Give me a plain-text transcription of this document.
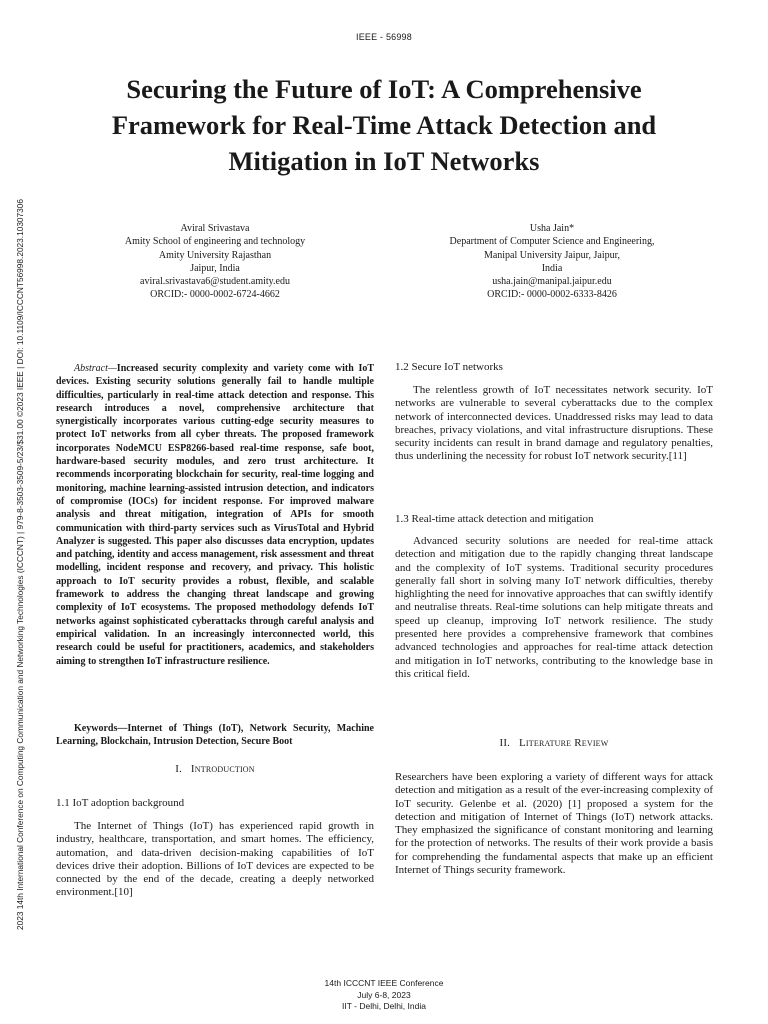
IEEE - 56998
2023 14th International Conference on Computing Communication and Networking Technologies (ICCCNT) | 979-8-3503-3509-5/23/$31.00 ©2023 IEEE | DOI: 10.1109/ICCCNT56998.2023.10307306
Securing the Future of IoT: A Comprehensive
Framework for Real-Time Attack Detection and
Mitigation in IoT Networks
Aviral Srivastava
Amity School of engineering and technology
Amity University Rajasthan
Jaipur, India
aviral.srivastava6@student.amity.edu
ORCID:- 0000-0002-6724-4662
Usha Jain*
Department of Computer Science and Engineering,
Manipal University Jaipur, Jaipur,
India
usha.jain@manipal.jaipur.edu
ORCID:- 0000-0002-6333-8426

Abstract—Increased security complexity and variety come with IoT devices. Existing security solutions generally fail to handle multiple difficulties, particularly in real-time attack detection and response. This research introduces a novel, comprehensive architecture that synergistically incorporates various cutting-edge security measures to protect IoT networks from all cyber threats. The proposed framework incorporates NodeMCU ESP8266-based real-time response, safe boot, hardware-based security modules, and zero trust architecture. It recommends incorporating blockchain for security, real-time logging and monitoring, machine learning-assisted intrusion detection, and indicators of compromise (IOCs) for incident response. For improved malware analysis and threat mitigation, integration of APIs for smooth communication with third-party services such as VirusTotal and Hybrid Analyzer is suggested. This paper also discusses data encryption, updates and patching, identity and access management, risk assessment and threat modelling, incident response and recovery, and privacy. This holistic approach to IoT security provides a robust, flexible, and scalable framework to address the changing threat landscape and growing complexity of IoT ecosystems. The proposed methodology defends IoT networks against sophisticated cyberattacks through careful analysis and empirical validation. In an increasingly interconnected world, this research could be useful for practitioners, academics, and stakeholders aiming to strengthen IoT infrastructure resilience.

Keywords—Internet of Things (IoT), Network Security, Machine Learning, Blockchain, Intrusion Detection, Secure Boot

I. Introduction
1.1 IoT adoption background

The Internet of Things (IoT) has experienced rapid growth in industry, healthcare, transportation, and smart homes. The efficiency, automation, and data-driven decision-making capabilities of IoT devices drive their adoption. Billions of IoT devices are expected to be connected by the end of the decade, creating a deeply networked environment.[10]

1.2 Secure IoT networks

The relentless growth of IoT necessitates network security. IoT networks are vulnerable to several cyberattacks due to the complex network of interconnected devices. Unaddressed risks may lead to data breaches, privacy violations, and vital infrastructure disruptions. These security incidents can result in brand damage and regulatory penalties, thus underlining the necessity for robust IoT network security.[11]

1.3 Real-time attack detection and mitigation

Advanced security solutions are needed for real-time attack detection and mitigation due to the rapidly changing threat landscape and the complexity of IoT systems. Traditional security procedures generally fall short in solving many IoT network difficulties, thereby highlighting the need for innovative approaches that can swiftly identify and neutralise threats. Real-time solutions can help mitigate threats and speed up cleanup, improving IoT network resilience. The study presented here provides a comprehensive framework that combines advanced technologies and approaches for real-time attack detection and mitigation in IoT networks, contributing to the knowledge base in this critical field.

II. Literature Review

Researchers have been exploring a variety of different ways for attack detection and mitigation as a result of the ever-increasing complexity of IoT security. Gelenbe et al. (2020) [1] proposed a system for the detection and mitigation of Internet of Things (IoT) network attacks. They emphasized the significance of constant monitoring and learning for the protection of networks. The results of their work provide a basis for comprehending the fundamental aspects that make up an efficient Internet of Things security framework.

14th ICCCNT IEEE Conference
July 6-8, 2023
IIT - Delhi, Delhi, India
